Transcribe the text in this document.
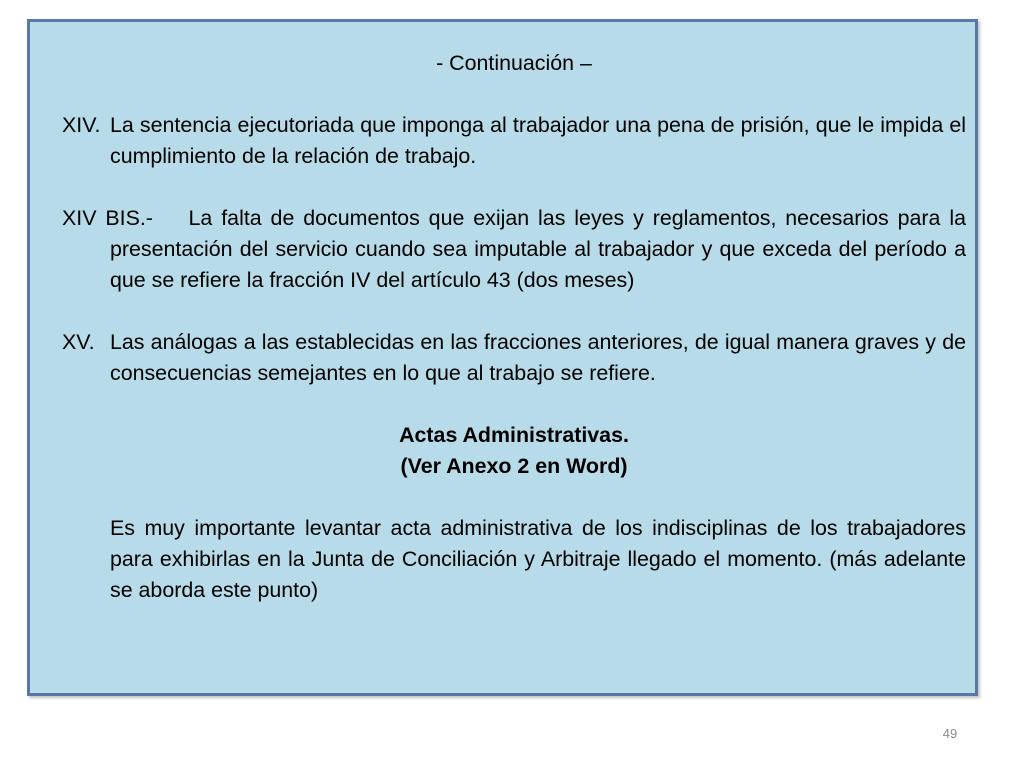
- Continuación –

XIV. La sentencia ejecutoriada que imponga al trabajador una pena de prisión, que le impida el cumplimiento de la relación de trabajo.

XIV BIS.- La falta de documentos que exijan las leyes y reglamentos, necesarios para la presentación del servicio cuando sea imputable al trabajador y que exceda del período a que se refiere la fracción IV del artículo 43 (dos meses)

XV. Las análogas a las establecidas en las fracciones anteriores, de igual manera graves y de consecuencias semejantes en lo que al trabajo se refiere.

Actas Administrativas.

(Ver Anexo 2 en Word)

Es muy importante levantar acta administrativa de los indisciplinas de los trabajadores para exhibirlas en la Junta de Conciliación y Arbitraje llegado el momento. (más adelante se aborda este punto)

49
